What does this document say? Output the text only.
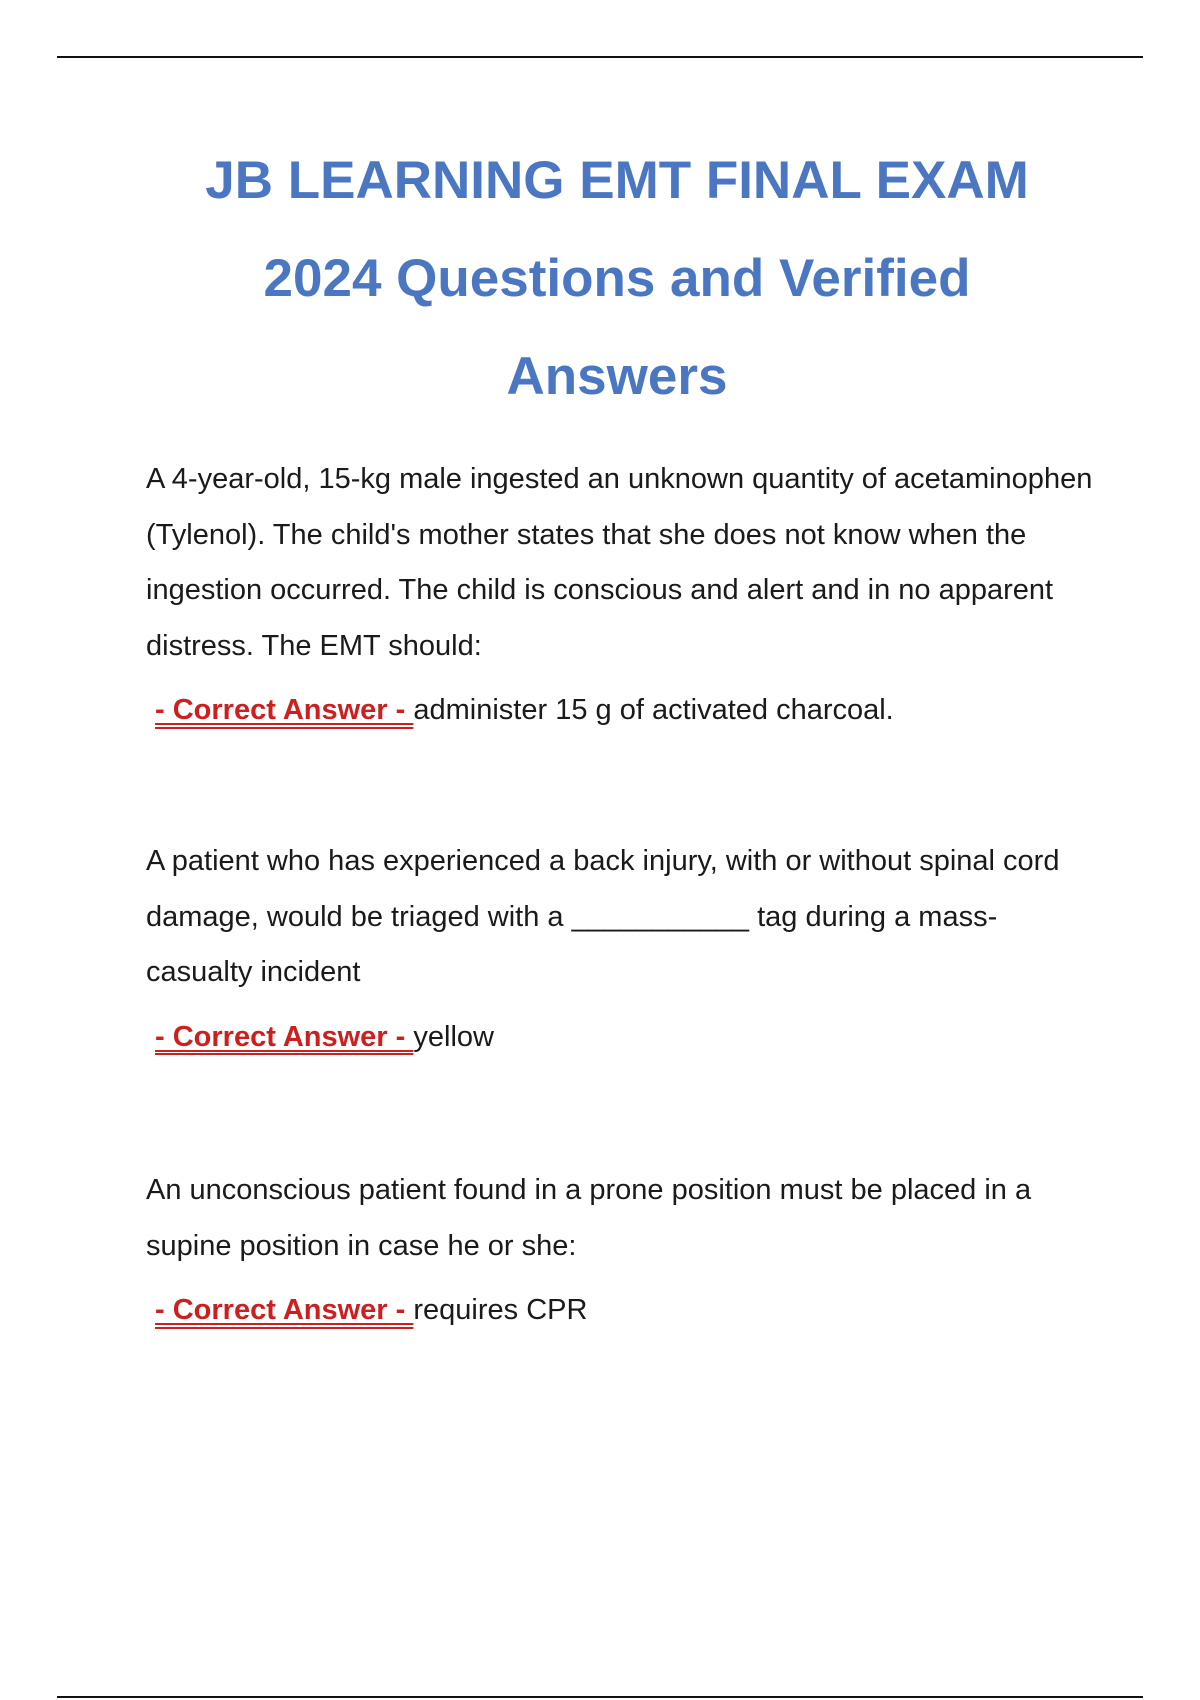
JB LEARNING EMT FINAL EXAM
2024 Questions and Verified
Answers

A 4-year-old, 15-kg male ingested an unknown quantity of acetaminophen (Tylenol). The child's mother states that she does not know when the ingestion occurred. The child is conscious and alert and in no apparent distress. The EMT should:

- Correct Answer - administer 15 g of activated charcoal.

A patient who has experienced a back injury, with or without spinal cord damage, would be triaged with a ___________ tag during a mass-casualty incident

- Correct Answer - yellow

An unconscious patient found in a prone position must be placed in a supine position in case he or she:

- Correct Answer - requires CPR
